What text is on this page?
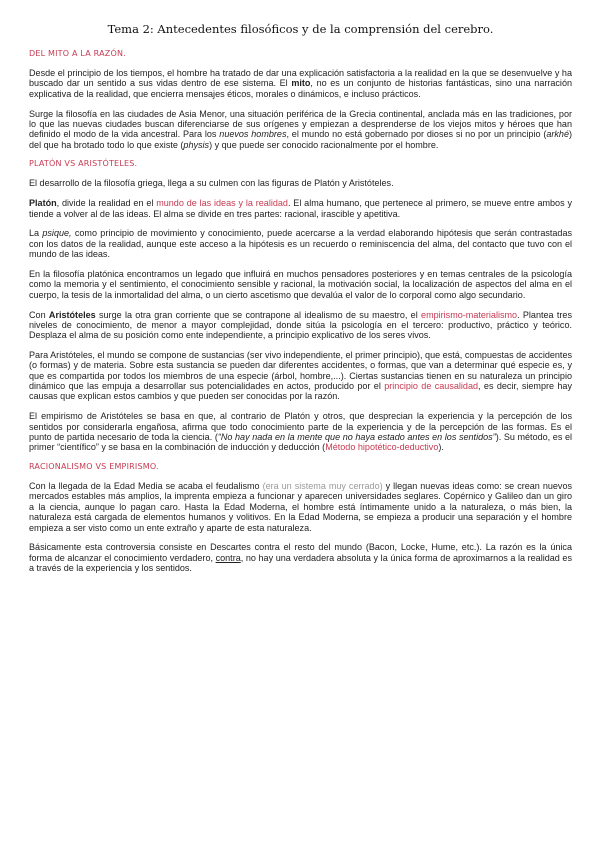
Tema 2: Antecedentes filosóficos y de la comprensión del cerebro.
DEL MITO A LA RAZÓN.

Desde el principio de los tiempos, el hombre ha tratado de dar una explicación satisfactoria a la realidad en la que se desenvuelve y ha buscado dar un sentido a sus vidas dentro de ese sistema. El mito, no es un conjunto de historias fantásticas, sino una narración explicativa de la realidad, que encierra mensajes éticos, morales o dinámicos, e incluso prácticos.

Surge la filosofía en las ciudades de Asia Menor, una situación periférica de la Grecia continental, anclada más en las tradiciones, por lo que las nuevas ciudades buscan diferenciarse de sus orígenes y empiezan a desprenderse de los viejos mitos y héroes que han definido el modo de la vida ancestral. Para los nuevos hombres, el mundo no está gobernado por dioses si no por un principio (arkhé) del que ha brotado todo lo que existe (physis) y que puede ser conocido racionalmente por el hombre.

PLATÓN VS ARISTÓTELES.

El desarrollo de la filosofía griega, llega a su culmen con las figuras de Platón y Aristóteles.

Platón, divide la realidad en el mundo de las ideas y la realidad. El alma humano, que pertenece al primero, se mueve entre ambos y tiende a volver al de las ideas. El alma se divide en tres partes: racional, irascible y apetitiva.

La psique, como principio de movimiento y conocimiento, puede acercarse a la verdad elaborando hipótesis que serán contrastadas con los datos de la realidad, aunque este acceso a la hipótesis es un recuerdo o reminiscencia del alma, del contacto que tuvo con el mundo de las ideas.

En la filosofía platónica encontramos un legado que influirá en muchos pensadores posteriores y en temas centrales de la psicología como la memoria y el sentimiento, el conocimiento sensible y racional, la motivación social, la localización de aspectos del alma en el cuerpo, la tesis de la inmortalidad del alma, o un cierto ascetismo que devalúa el valor de lo corporal como algo secundario.

Con Aristóteles surge la otra gran corriente que se contrapone al idealismo de su maestro, el empirismo-materialismo. Plantea tres niveles de conocimiento, de menor a mayor complejidad, donde sitúa la psicología en el tercero: productivo, práctico y teórico. Desplaza el alma de su posición como ente independiente, a principio explicativo de los seres vivos.

Para Aristóteles, el mundo se compone de sustancias (ser vivo independiente, el primer principio), que está, compuestas de accidentes (o formas) y de materia. Sobre esta sustancia se pueden dar diferentes accidentes, o formas, que van a determinar qué especie es, y que es compartida por todos los miembros de una especie (árbol, hombre,...). Ciertas sustancias tienen en su naturaleza un principio dinámico que las empuja a desarrollar sus potencialidades en actos, producido por el principio de causalidad, es decir, siempre hay causas que explican estos cambios y que pueden ser conocidas por la razón.

El empirismo de Aristóteles se basa en que, al contrario de Platón y otros, que desprecian la experiencia y la percepción de los sentidos por considerarla engañosa, afirma que todo conocimiento parte de la experiencia y de la percepción de las formas. Es el punto de partida necesario de toda la ciencia. (“No hay nada en la mente que no haya estado antes en los sentidos”). Su método, es el primer “científico” y se basa en la combinación de inducción y deducción (Método hipotético-deductivo).

RACIONALISMO VS EMPIRISMO.

Con la llegada de la Edad Media se acaba el feudalismo (era un sistema muy cerrado) y llegan nuevas ideas como: se crean nuevos mercados estables más amplios, la imprenta empieza a funcionar y aparecen universidades seglares. Copérnico y Galileo dan un giro a la ciencia, aunque lo pagan caro. Hasta la Edad Moderna, el hombre está íntimamente unido a la naturaleza, o más bien, la naturaleza está cargada de elementos humanos y volitivos. En la Edad Moderna, se empieza a producir una separación y el hombre empieza a ser visto como un ente extraño y aparte de esta naturaleza.

Básicamente esta controversia consiste en Descartes contra el resto del mundo (Bacon, Locke, Hume, etc.). La razón es la única forma de alcanzar el conocimiento verdadero, contra, no hay una verdadera absoluta y la única forma de aproximarnos a la realidad es a través de la experiencia y los sentidos.
